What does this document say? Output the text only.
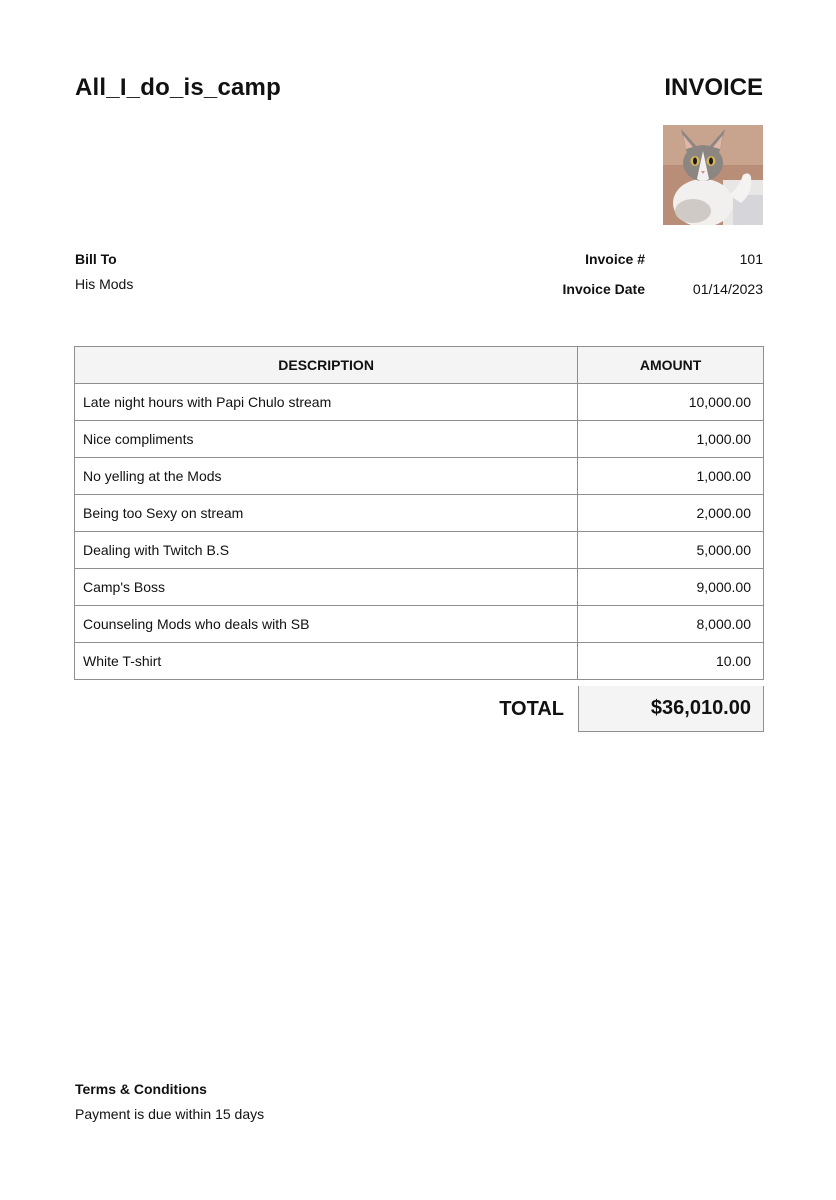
All_I_do_is_camp	INVOICE
Bill To
His Mods
Invoice #	101
Invoice Date	01/14/2023
DESCRIPTION	AMOUNT
Late night hours with Papi Chulo stream	10,000.00
Nice compliments	1,000.00
No yelling at the Mods	1,000.00
Being too Sexy on stream	2,000.00
Dealing with Twitch B.S	5,000.00
Camp's Boss	9,000.00
Counseling Mods who deals with SB	8,000.00
White T-shirt	10.00
TOTAL	$36,010.00
Terms & Conditions
Payment is due within 15 days
